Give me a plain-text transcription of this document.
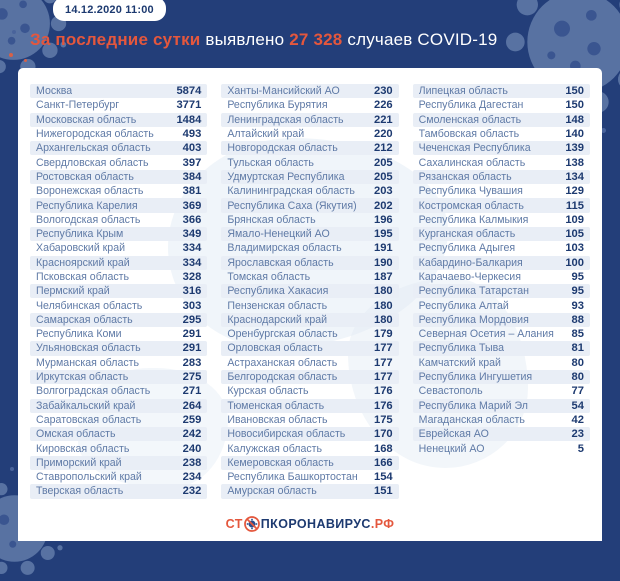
14.12.2020 11:00
За последние сутки выявлено 27 328 случаев COVID-19
Москва	5874
Санкт-Петербург	3771
Московская область	1484
Нижегородская область	493
Архангельская область	403
Свердловская область	397
Ростовская область	384
Воронежская область	381
Республика Карелия	369
Вологодская область	366
Республика Крым	349
Хабаровский край	334
Красноярский край	334
Псковская область	328
Пермский край	316
Челябинская область	303
Самарская область	295
Республика Коми	291
Ульяновская область	291
Мурманская область	283
Иркутская область	275
Волгоградская область	271
Забайкальский край	264
Саратовская область	259
Омская область	242
Кировская область	240
Приморский край	238
Ставропольский край	234
Тверская область	232
Ханты-Мансийский АО	230
Республика Бурятия	226
Ленинградская область	221
Алтайский край	220
Новгородская область	212
Тульская область	205
Удмуртская Республика	205
Калининградская область 203
Республика Саха (Якутия) 202
Брянская область	196
Ямало-Ненецкий АО	195
Владимирская область	191
Ярославская область	190
Томская область	187
Республика Хакасия	180
Пензенская область	180
Краснодарский край	180
Оренбургская область	179
Орловская область	177
Астраханская область	177
Белгородская область	177
Курская область	176
Тюменская область	176
Ивановская область	175
Новосибирская область	170
Калужская область	168
Кемеровская область	166
Республика Башкортостан 154
Амурская область	151
Липецкая область	150
Республика Дагестан	150
Смоленская область	148
Тамбовская область	140
Чеченская Республика	139
Сахалинская область	138
Рязанская область	134
Республика Чувашия	129
Костромская область	115
Республика Калмыкия	109
Курганская область	105
Республика Адыгея	103
Кабардино-Балкария	100
Карачаево-Черкесия	95
Республика Татарстан	95
Республика Алтай	93
Республика Мордовия	88
Северная Осетия – Алания 85
Республика Тыва	81
Камчатский край	80
Республика Ингушетия	80
Севастополь	77
Республика Марий Эл	54
Магаданская область	42
Еврейская АО	23
Ненецкий АО	5
СТ ПКОРОНАВИРУС .РФ
